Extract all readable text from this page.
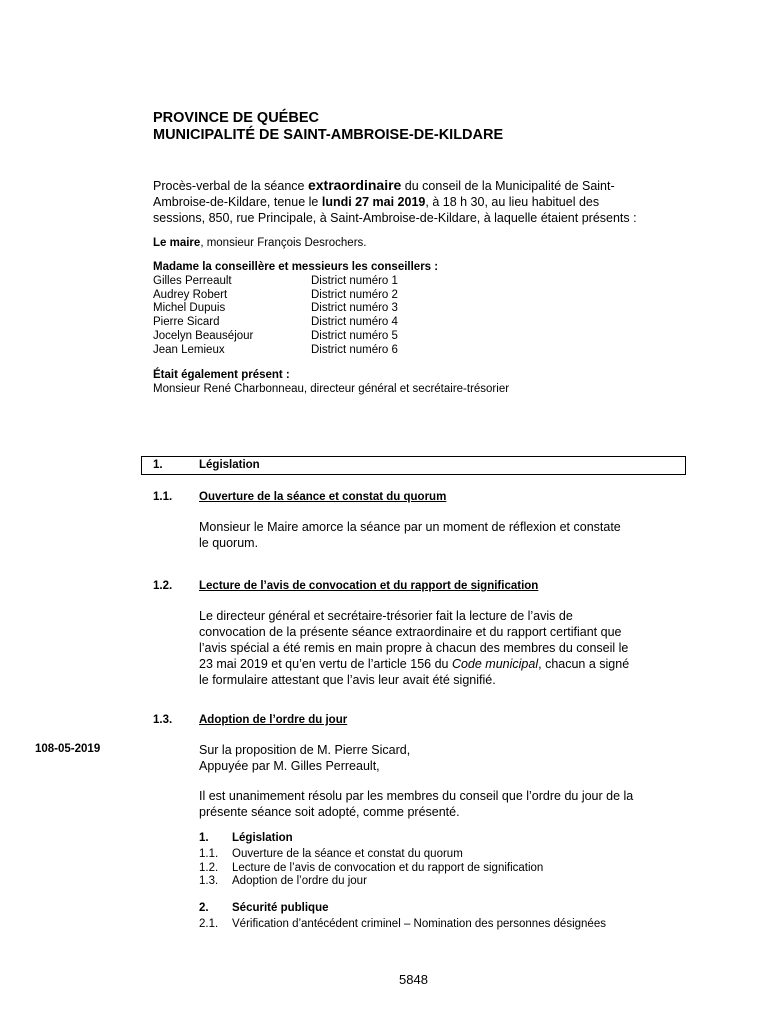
PROVINCE DE QUÉBEC
MUNICIPALITÉ DE SAINT-AMBROISE-DE-KILDARE
Procès-verbal de la séance extraordinaire du conseil de la Municipalité de Saint-
Ambroise-de-Kildare, tenue le lundi 27 mai 2019, à 18 h 30, au lieu habituel des
sessions, 850, rue Principale, à Saint-Ambroise-de-Kildare, à laquelle étaient présents :
Le maire, monsieur François Desrochers.
Madame la conseillère et messieurs les conseillers :
Gilles Perreault	District numéro 1
Audrey Robert	District numéro 2
Michel Dupuis	District numéro 3
Pierre Sicard	District numéro 4
Jocelyn Beauséjour	District numéro 5
Jean Lemieux	District numéro 6
Était également présent :
Monsieur René Charbonneau, directeur général et secrétaire-trésorier
1.	Législation
1.1. Ouverture de la séance et constat du quorum
Monsieur le Maire amorce la séance par un moment de réflexion et constate
le quorum.
1.2. Lecture de l’avis de convocation et du rapport de signification
Le directeur général et secrétaire-trésorier fait la lecture de l’avis de
convocation de la présente séance extraordinaire et du rapport certifiant que
l’avis spécial a été remis en main propre à chacun des membres du conseil le
23 mai 2019 et qu’en vertu de l’article 156 du Code municipal, chacun a signé
le formulaire attestant que l’avis leur avait été signifié.
1.3. Adoption de l’ordre du jour
108-05-2019	Sur la proposition de M. Pierre Sicard,
Appuyée par M. Gilles Perreault,
Il est unanimement résolu par les membres du conseil que l’ordre du jour de la
présente séance soit adopté, comme présenté.
1.	Législation
1.1.	Ouverture de la séance et constat du quorum
1.2.	Lecture de l’avis de convocation et du rapport de signification
1.3.	Adoption de l’ordre du jour
2.	Sécurité publique
2.1.	Vérification d’antécédent criminel – Nomination des personnes désignées
5848
